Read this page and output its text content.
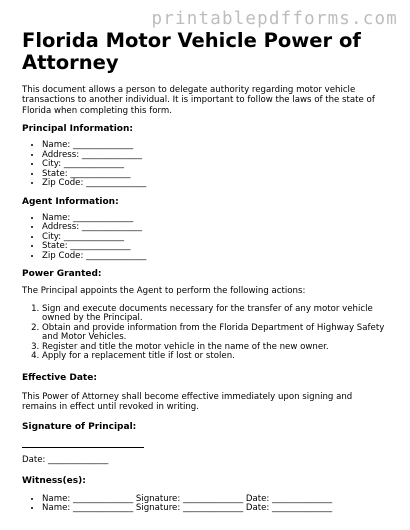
printablepdfforms.com
Florida Motor Vehicle Power of Attorney

This document allows a person to delegate authority regarding motor vehicle transactions to another individual. It is important to follow the laws of the state of Florida when completing this form.

Principal Information:
• Name: ______________
• Address: ______________
• City: ______________
• State: ______________
• Zip Code: ______________
Agent Information:
• Name: ______________
• Address: ______________
• City: ______________
• State: ______________
• Zip Code: ______________
Power Granted:

The Principal appoints the Agent to perform the following actions:

1. Sign and execute documents necessary for the transfer of any motor vehicle owned by the Principal.
2. Obtain and provide information from the Florida Department of Highway Safety and Motor Vehicles.
3. Register and title the motor vehicle in the name of the new owner.
4. Apply for a replacement title if lost or stolen.
Effective Date:

This Power of Attorney shall become effective immediately upon signing and remains in effect until revoked in writing.

Signature of Principal:

Date: ______________

Witness(es):
• Name: ______________ Signature: ______________ Date: ______________
• Name: ______________ Signature: ______________ Date: ______________
